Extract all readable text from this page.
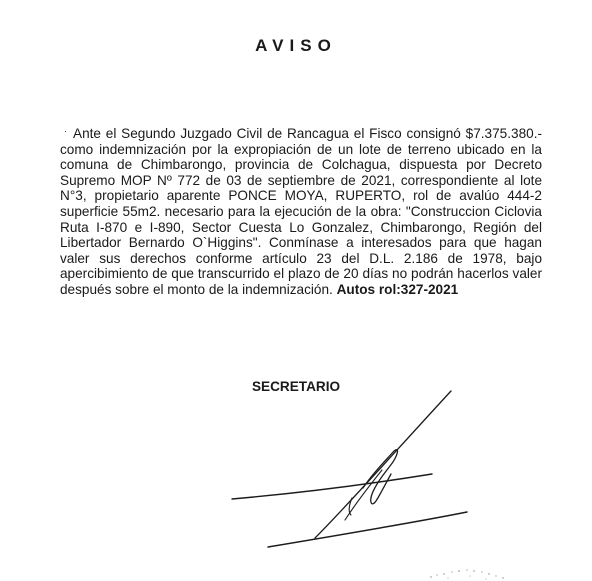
AVISO

· Ante el Segundo Juzgado Civil de Rancagua el Fisco consignó $7.375.380.- como indemnización por la expropiación de un lote de terreno ubicado en la comuna de Chimbarongo, provincia de Colchagua, dispuesta por Decreto Supremo MOP Nº 772 de 03 de septiembre de 2021, correspondiente al lote N°3, propietario aparente PONCE MOYA, RUPERTO, rol de avalúo 444-2 superficie 55m2. necesario para la ejecución de la obra: "Construccion Ciclovia Ruta I-870 e I-890, Sector Cuesta Lo Gonzalez, Chimbarongo, Región del Libertador Bernardo O`Higgins". Conmínase a interesados para que hagan valer sus derechos conforme artículo 23 del D.L. 2.186 de 1978, bajo apercibimiento de que transcurrido el plazo de 20 días no podrán hacerlos valer después sobre el monto de la indemnización. Autos rol:327-2021

SECRETARIO
